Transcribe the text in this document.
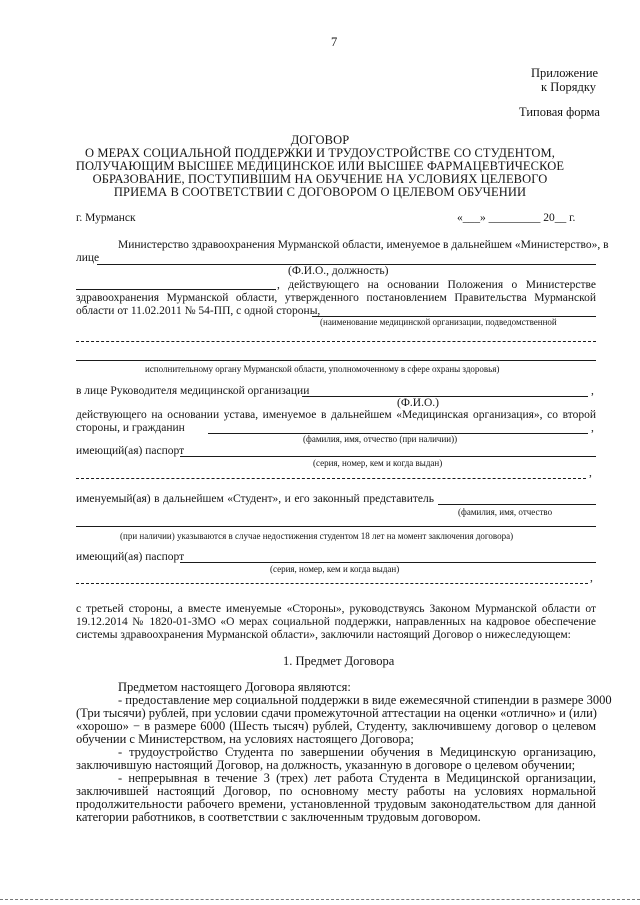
7
Приложение
к Порядку
Типовая форма
ДОГОВОР
О МЕРАХ СОЦИАЛЬНОЙ ПОДДЕРЖКИ И ТРУДОУСТРОЙСТВЕ СО СТУДЕНТОМ,
ПОЛУЧАЮЩИМ ВЫСШЕЕ МЕДИЦИНСКОЕ ИЛИ ВЫСШЕЕ ФАРМАЦЕВТИЧЕСКОЕ
ОБРАЗОВАНИЕ, ПОСТУПИВШИМ НА ОБУЧЕНИЕ НА УСЛОВИЯХ ЦЕЛЕВОГО
ПРИЕМА В СООТВЕТСТВИИ С ДОГОВОРОМ О ЦЕЛЕВОМ ОБУЧЕНИИ
г. Мурманск	«___» _________ 20__ г.
Министерство здравоохранения Мурманской области, именуемое в дальнейшем «Министерство», в
лице
(Ф.И.О., должность)
, действующего на основании Положения о Министерстве
здравоохранения Мурманской области, утвержденного постановлением Правительства Мурманской
области от 11.02.2011 № 54-ПП, с одной стороны,
(наименование медицинской организации, подведомственной
исполнительному органу Мурманской области, уполномоченному в сфере охраны здоровья)
в лице Руководителя медицинской организации	,
(Ф.И.О.)
действующего на основании устава, именуемое в дальнейшем «Медицинская организация», со второй
стороны, и гражданин	,
(фамилия, имя, отчество (при наличии))
имеющий(ая) паспорт
(серия, номер, кем и когда выдан)
,
именуемый(ая) в дальнейшем «Студент», и его законный представитель
(фамилия, имя, отчество
(при наличии) указываются в случае недостижения студентом 18 лет на момент заключения договора)
имеющий(ая) паспорт
(серия, номер, кем и когда выдан)
,
с третьей стороны, а вместе именуемые «Стороны», руководствуясь Законом Мурманской области от
19.12.2014 № 1820-01-ЗМО «О мерах социальной поддержки, направленных на кадровое обеспечение
системы здравоохранения Мурманской области», заключили настоящий Договор о нижеследующем:
1. Предмет Договора
Предметом настоящего Договора являются:
- предоставление мер социальной поддержки в виде ежемесячной стипендии в размере 3000
(Три тысячи) рублей, при условии сдачи промежуточной аттестации на оценки «отлично» и (или)
«хорошо» − в размере 6000 (Шесть тысяч) рублей, Студенту, заключившему договор о целевом
обучении с Министерством, на условиях настоящего Договора;
- трудоустройство Студента по завершении обучения в Медицинскую организацию,
заключившую настоящий Договор, на должность, указанную в договоре о целевом обучении;
- непрерывная в течение 3 (трех) лет работа Студента в Медицинской организации,
заключившей настоящий Договор, по основному месту работы на условиях нормальной
продолжительности рабочего времени, установленной трудовым законодательством для данной
категории работников, в соответствии с заключенным трудовым договором.
